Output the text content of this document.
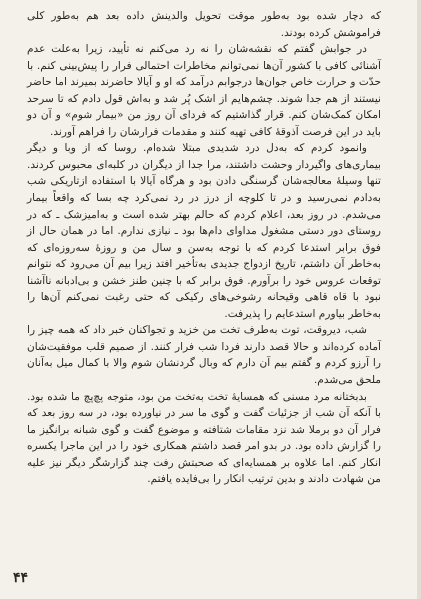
که دچار شده بود به‌طور موقت تحویل والدینش داده بعد هم به‌طور کلی فراموشش کرده بودند.

در جوابش گفتم که نقشه‌شان را نه رد می‌کنم نه تأیید، زیرا به‌علت عدم آشنائی کافی با کشور آن‌ها نمی‌توانم مخاطرات احتمالی فرار را پیش‌بینی کنم. با حدّت و حرارت خاص جوان‌ها درجوابم درآمد که او و آیالا حاضرند بمیرند اما حاضر نیستند از هم جدا شوند. چشم‌هایم از اشک پُر شد و به‌اش قول دادم که تا سرحد امکان کمک‌شان کنم. قرار گذاشتیم که فردای آن روز من «بیمار شوم» و آن دو باید در این فرصت آذوقهٔ کافی تهیه کنند و مقدمات فرارشان را فراهم آورند.

وانمود کردم که به‌دل درد شدیدی مبتلا شده‌ام. روسا که از وبا و دیگر بیماری‌های واگیردار وحشت داشتند، مرا جدا از دیگران در کلبه‌ای محبوس کردند. تنها وسیلهٔ معالجه‌شان گرسنگی دادن بود و هرگاه آیالا با استفاده ازتاریکی شب به‌دادم نمی‌رسید و در تا کلوچه از درز در رد نمی‌کرد چه بسا که واقعاً بیمار می‌شدم. در روز بعد، اعلام کردم که حالم بهتر شده است و به‌امیزشک ـ که در روستای دور دستی مشغول مداوای دام‌ها بود ـ نیازی ندارم. اما در همان حال از فوق برابر استدعا کردم که با توجه به‌سن و سال من و روزهٔ سه‌روزه‌ای که به‌خاطر آن داشتم، تاریخ ازدواج جدیدی به‌تأخیر افتد زیرا بیم آن می‌رود که نتوانم توقعات عروس خود را برآورم. فوق برابر که با چنین طنز خشن و بی‌ادبانه ناآشنا نبود با قاه قاهی وقیحانه رشوخی‌های رکیکی که حتی رغبت نمی‌کنم آن‌ها را به‌خاطر بیاورم استدعایم را پذیرفت.

شب، دیروقت، توت به‌طرف تخت من خزید و تجواکنان خبر داد که همه چیز را آماده کرده‌اند و حالا قصد دارند فردا شب فرار کنند. از صمیم قلب موفقیت‌شان را آرزو کردم و گفتم بیم آن دارم که وبال گردنشان شوم والا با کمال میل به‌آنان ملحق می‌شدم.

بدبختانه مرد مسنی که همسایهٔ تخت به‌تخت من بود، متوجه پچ‌پچ ما شده بود. با آنکه آن شب از جزئیات گفت و گوی ما سر در نیاورده بود، در سه روز بعد که فرار آن دو برملا شد نزد مقامات شتافته و موضوع گفت و گوی شبانه برانگیز ما را گزارش داده بود. در بدو امر قصد داشتم همکاری خود را در این ماجرا یکسره انکار کنم. اما علاوه بر همسایه‌ای که صحبتش رفت چند گزارشگر دیگر نیز علیه من شهادت دادند و بدین ترتیب انکار را بی‌فایده یافتم.

۴۴
